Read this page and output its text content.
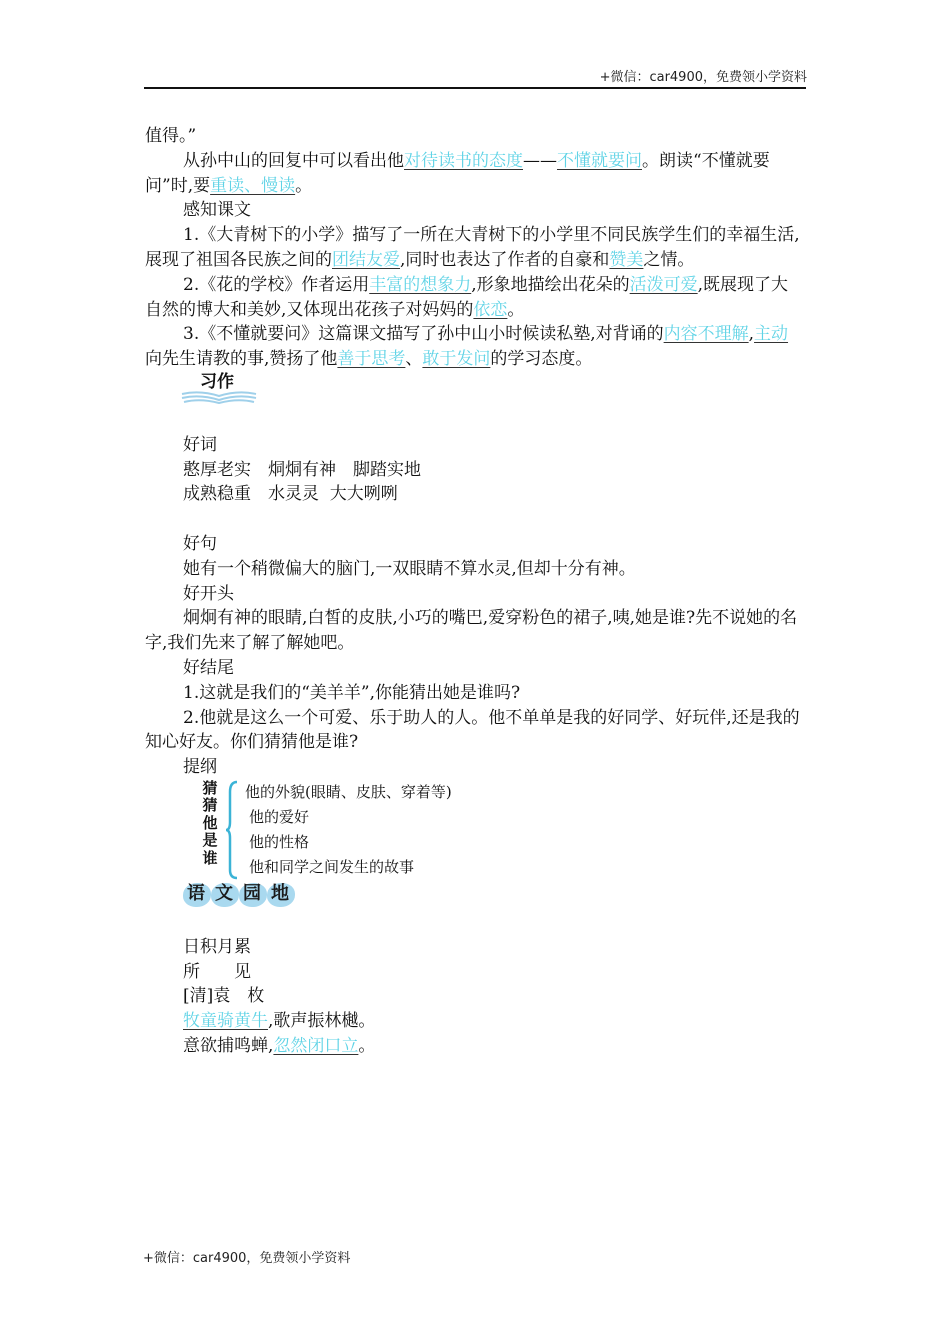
+微信：car4900，免费领小学资料

值得。”

从孙中山的回复中可以看出他对待读书的态度——不懂就要问。朗读“不懂就要问”时,要重读、慢读。

感知课文

1.《大青树下的小学》描写了一所在大青树下的小学里不同民族学生们的幸福生活,展现了祖国各民族之间的团结友爱,同时也表达了作者的自豪和赞美之情。

2.《花的学校》作者运用丰富的想象力,形象地描绘出花朵的活泼可爱,既展现了大自然的博大和美妙,又体现出花孩子对妈妈的依恋。

3.《不懂就要问》这篇课文描写了孙中山小时候读私塾,对背诵的内容不理解,主动向先生请教的事,赞扬了他善于思考、敢于发问的学习态度。

习作

好词

憨厚老实　烔烔有神　脚踏实地

成熟稳重　水灵灵  大大咧咧

好句

她有一个稍微偏大的脑门,一双眼睛不算水灵,但却十分有神。

好开头

炯炯有神的眼睛,白皙的皮肤,小巧的嘴巴,爱穿粉色的裙子,咦,她是谁?先不说她的名字,我们先来了解了解她吧。

好结尾

1.这就是我们的“美羊羊”,你能猜出她是谁吗?

2.他就是这么一个可爱、乐于助人的人。他不单单是我的好同学、好玩伴,还是我的知心好友。你们猜猜他是谁?

提纲

猜
猜
他
是
谁
他的外貌(眼睛、皮肤、穿着等)
他的爱好
他的性格
他和同学之间发生的故事
语 文 园 地

日积月累

所　　见

[清]袁　枚

牧童骑黄牛,歌声振林樾。

意欲捕鸣蝉,忽然闭口立。

+微信：car4900，免费领小学资料
